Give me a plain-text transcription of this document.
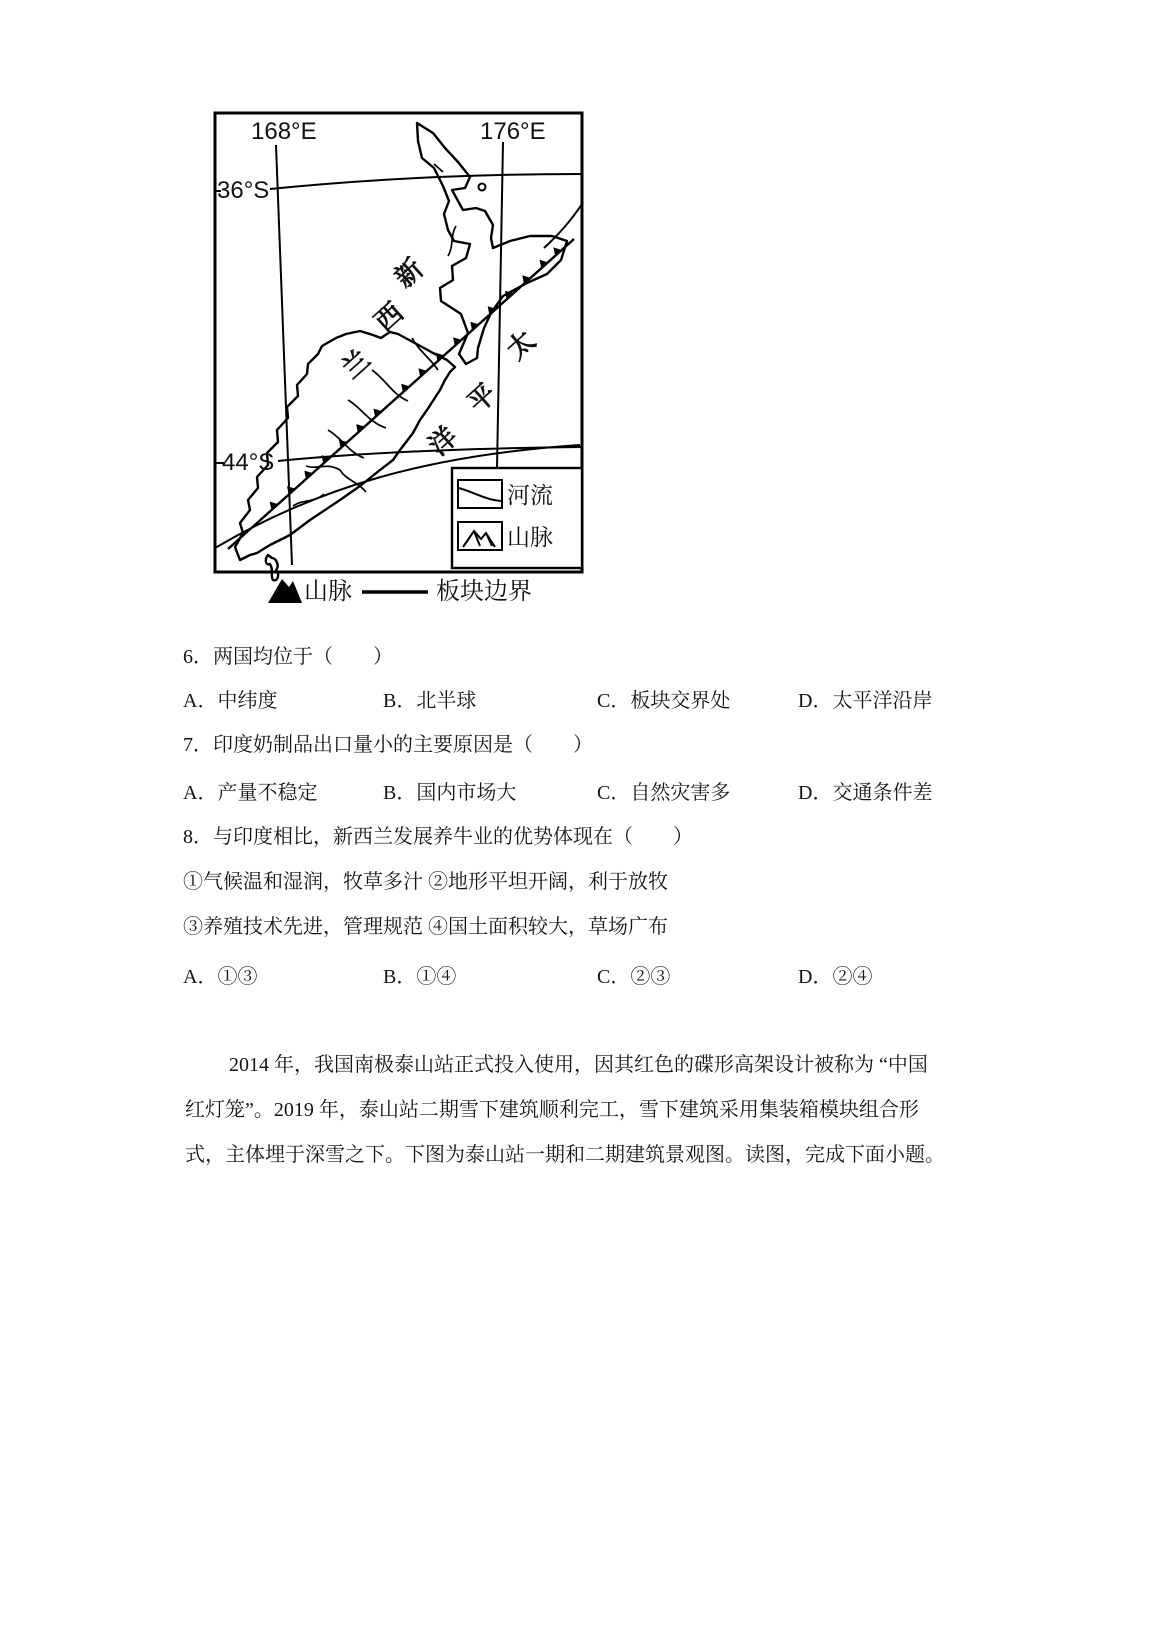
河流
山脉
168°E	176°E
36°S
44°S
新
西
兰	太
平
洋
山脉	板块边界
6．两国均位于（　　）
A．中纬度	B．北半球	C．板块交界处	D．太平洋沿岸
7．印度奶制品出口量小的主要原因是（　　）
A．产量不稳定	B．国内市场大	C．自然灾害多	D．交通条件差
8．与印度相比，新西兰发展养牛业的优势体现在（　　）
①气候温和湿润，牧草多汁 ②地形平坦开阔，利于放牧
③养殖技术先进，管理规范 ④国土面积较大，草场广布
A．①③	B．①④	C．②③	D．②④
2014 年，我国南极泰山站正式投入使用，因其红色的碟形高架设计被称为 “中国
红灯笼”。2019 年，泰山站二期雪下建筑顺利完工，雪下建筑采用集装箱模块组合形
式，主体埋于深雪之下。下图为泰山站一期和二期建筑景观图。读图，完成下面小题。
